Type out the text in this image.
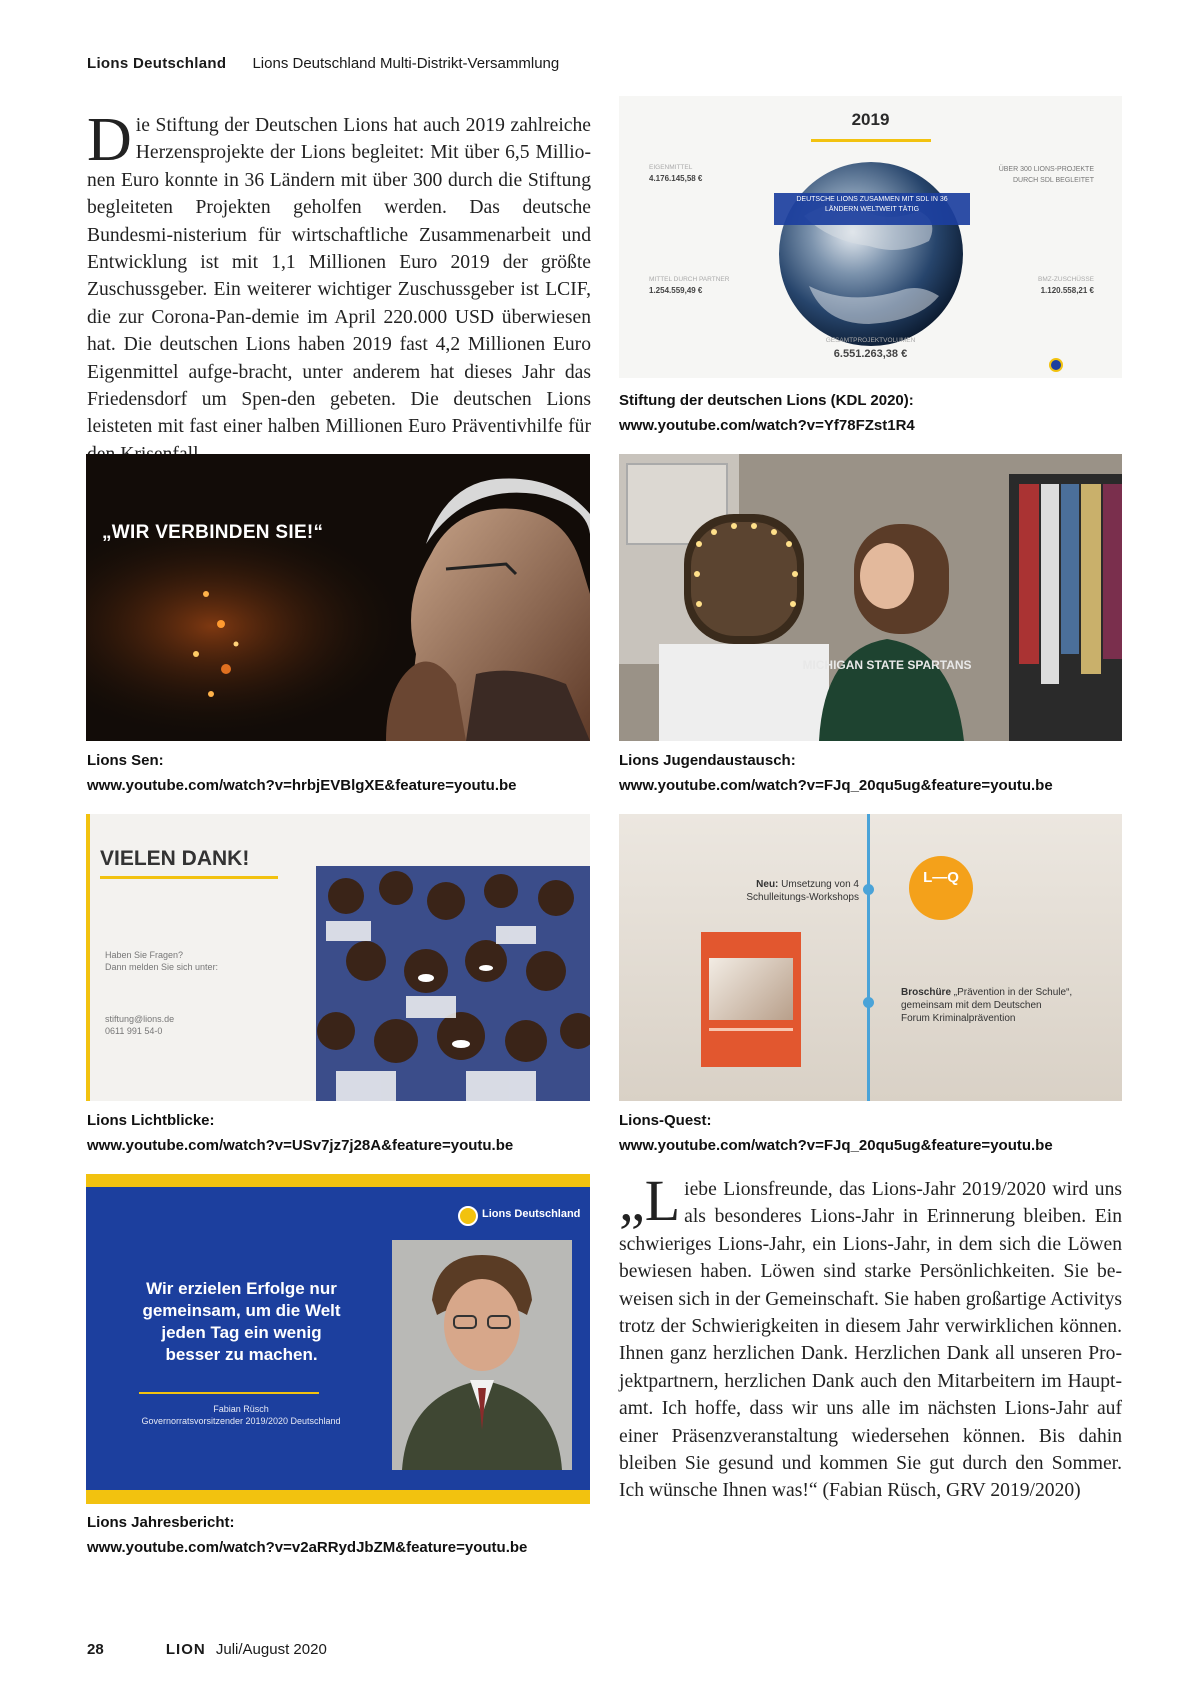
Lions Deutschland Lions Deutschland Multi-Distrikt-Versammlung
Die Stiftung der Deutschen Lions hat auch 2019 zahlreiche Herzensprojekte der Lions begleitet: Mit über 6,5 Millio-nen Euro konnte in 36 Ländern mit über 300 durch die Stiftung begleiteten Projekten geholfen werden. Das deutsche Bundesmi-nisterium für wirtschaftliche Zusammenarbeit und Entwicklung ist mit 1,1 Millionen Euro 2019 der größte Zuschussgeber. Ein weiterer wichtiger Zuschussgeber ist LCIF, die zur Corona-Pan-demie im April 220.000 USD überwiesen hat. Die deutschen Lions haben 2019 fast 4,2 Millionen Euro Eigenmittel aufge-bracht, unter anderem hat dieses Jahr das Friedensdorf um Spen-den gebeten. Die deutschen Lions leisteten mit fast einer halben Millionen Euro Präventivhilfe für
2019
DEUTSCHE LIONS ZUSAMMEN MIT SDL IN 36 LÄNDERN WELTWEIT TÄTIG
EIGENMITTEL
4.176.145,58 €
MITTEL DURCH PARTNER
1.254.559,49 €
ÜBER 300 LIONS-PROJEKTE DURCH SDL BEGLEITET
BMZ-ZUSCHÜSSE
1.120.558,21 €
GESAMTPROJEKTVOLUMEN
6.551.263,38 €
Stiftung der deutschen Lions (KDL 2020):
www.youtube.com/watch?v=Yf78FZst1R4
„WIR VERBINDEN SIE!“
Lions Sen:
www.youtube.com/watch?v=hrbjEVBlgXE&feature=youtu.be
MICHIGAN STATE SPARTANS
Lions Jugendaustausch:
www.youtube.com/watch?v=FJq_20qu5ug&feature=youtu.be
VIELEN DANK!
Haben Sie Fragen?
Dann melden Sie sich unter:
stiftung@lions.de
0611 991 54-0
Lions Lichtblicke:
www.youtube.com/watch?v=USv7jz7j28A&feature=youtu.be
Neu: Umsetzung von 4
Schulleitungs-Workshops
L—Q
Broschüre „Prävention in der Schule“,
gemeinsam mit dem Deutschen
Forum Kriminalprävention
Lions-Quest:
www.youtube.com/watch?v=FJq_20qu5ug&feature=youtu.be
Lions Deutschland
Wir erzielen Erfolge nur
gemeinsam, um die Welt
jeden Tag ein wenig
besser zu machen.
Fabian Rüsch
Governorratsvorsitzender 2019/2020 Deutschland
Lions Jahresbericht:
www.youtube.com/watch?v=v2aRRydJbZM&feature=youtu.be
„Liebe Lionsfreunde, das Lions-Jahr 2019/2020 wird uns als besonderes Lions-Jahr in Erinnerung bleiben. Ein schwieriges Lions-Jahr, ein Lions-Jahr, in dem sich die Löwen bewiesen haben. Löwen sind starke Persönlichkeiten. Sie be-weisen sich in der Gemeinschaft. Sie haben großartige Activitys trotz der Schwierigkeiten in diesem Jahr verwirklichen können. Ihnen ganz herzlichen Dank. Herzlichen Dank all unseren Pro-jektpartnern, herzlichen Dank auch den Mitarbeitern im Haupt-amt. Ich hoffe, dass wir uns alle im nächsten Lions-Jahr auf einer Präsenzveranstaltung wiedersehen können. Bis dahin bleiben Sie gesund und kommen Sie gut durch den Sommer. Ich wünsche Ihnen was!“ (Fabian Rüsch, GRV 2019/2020)
28	LION Juli/August 2020
